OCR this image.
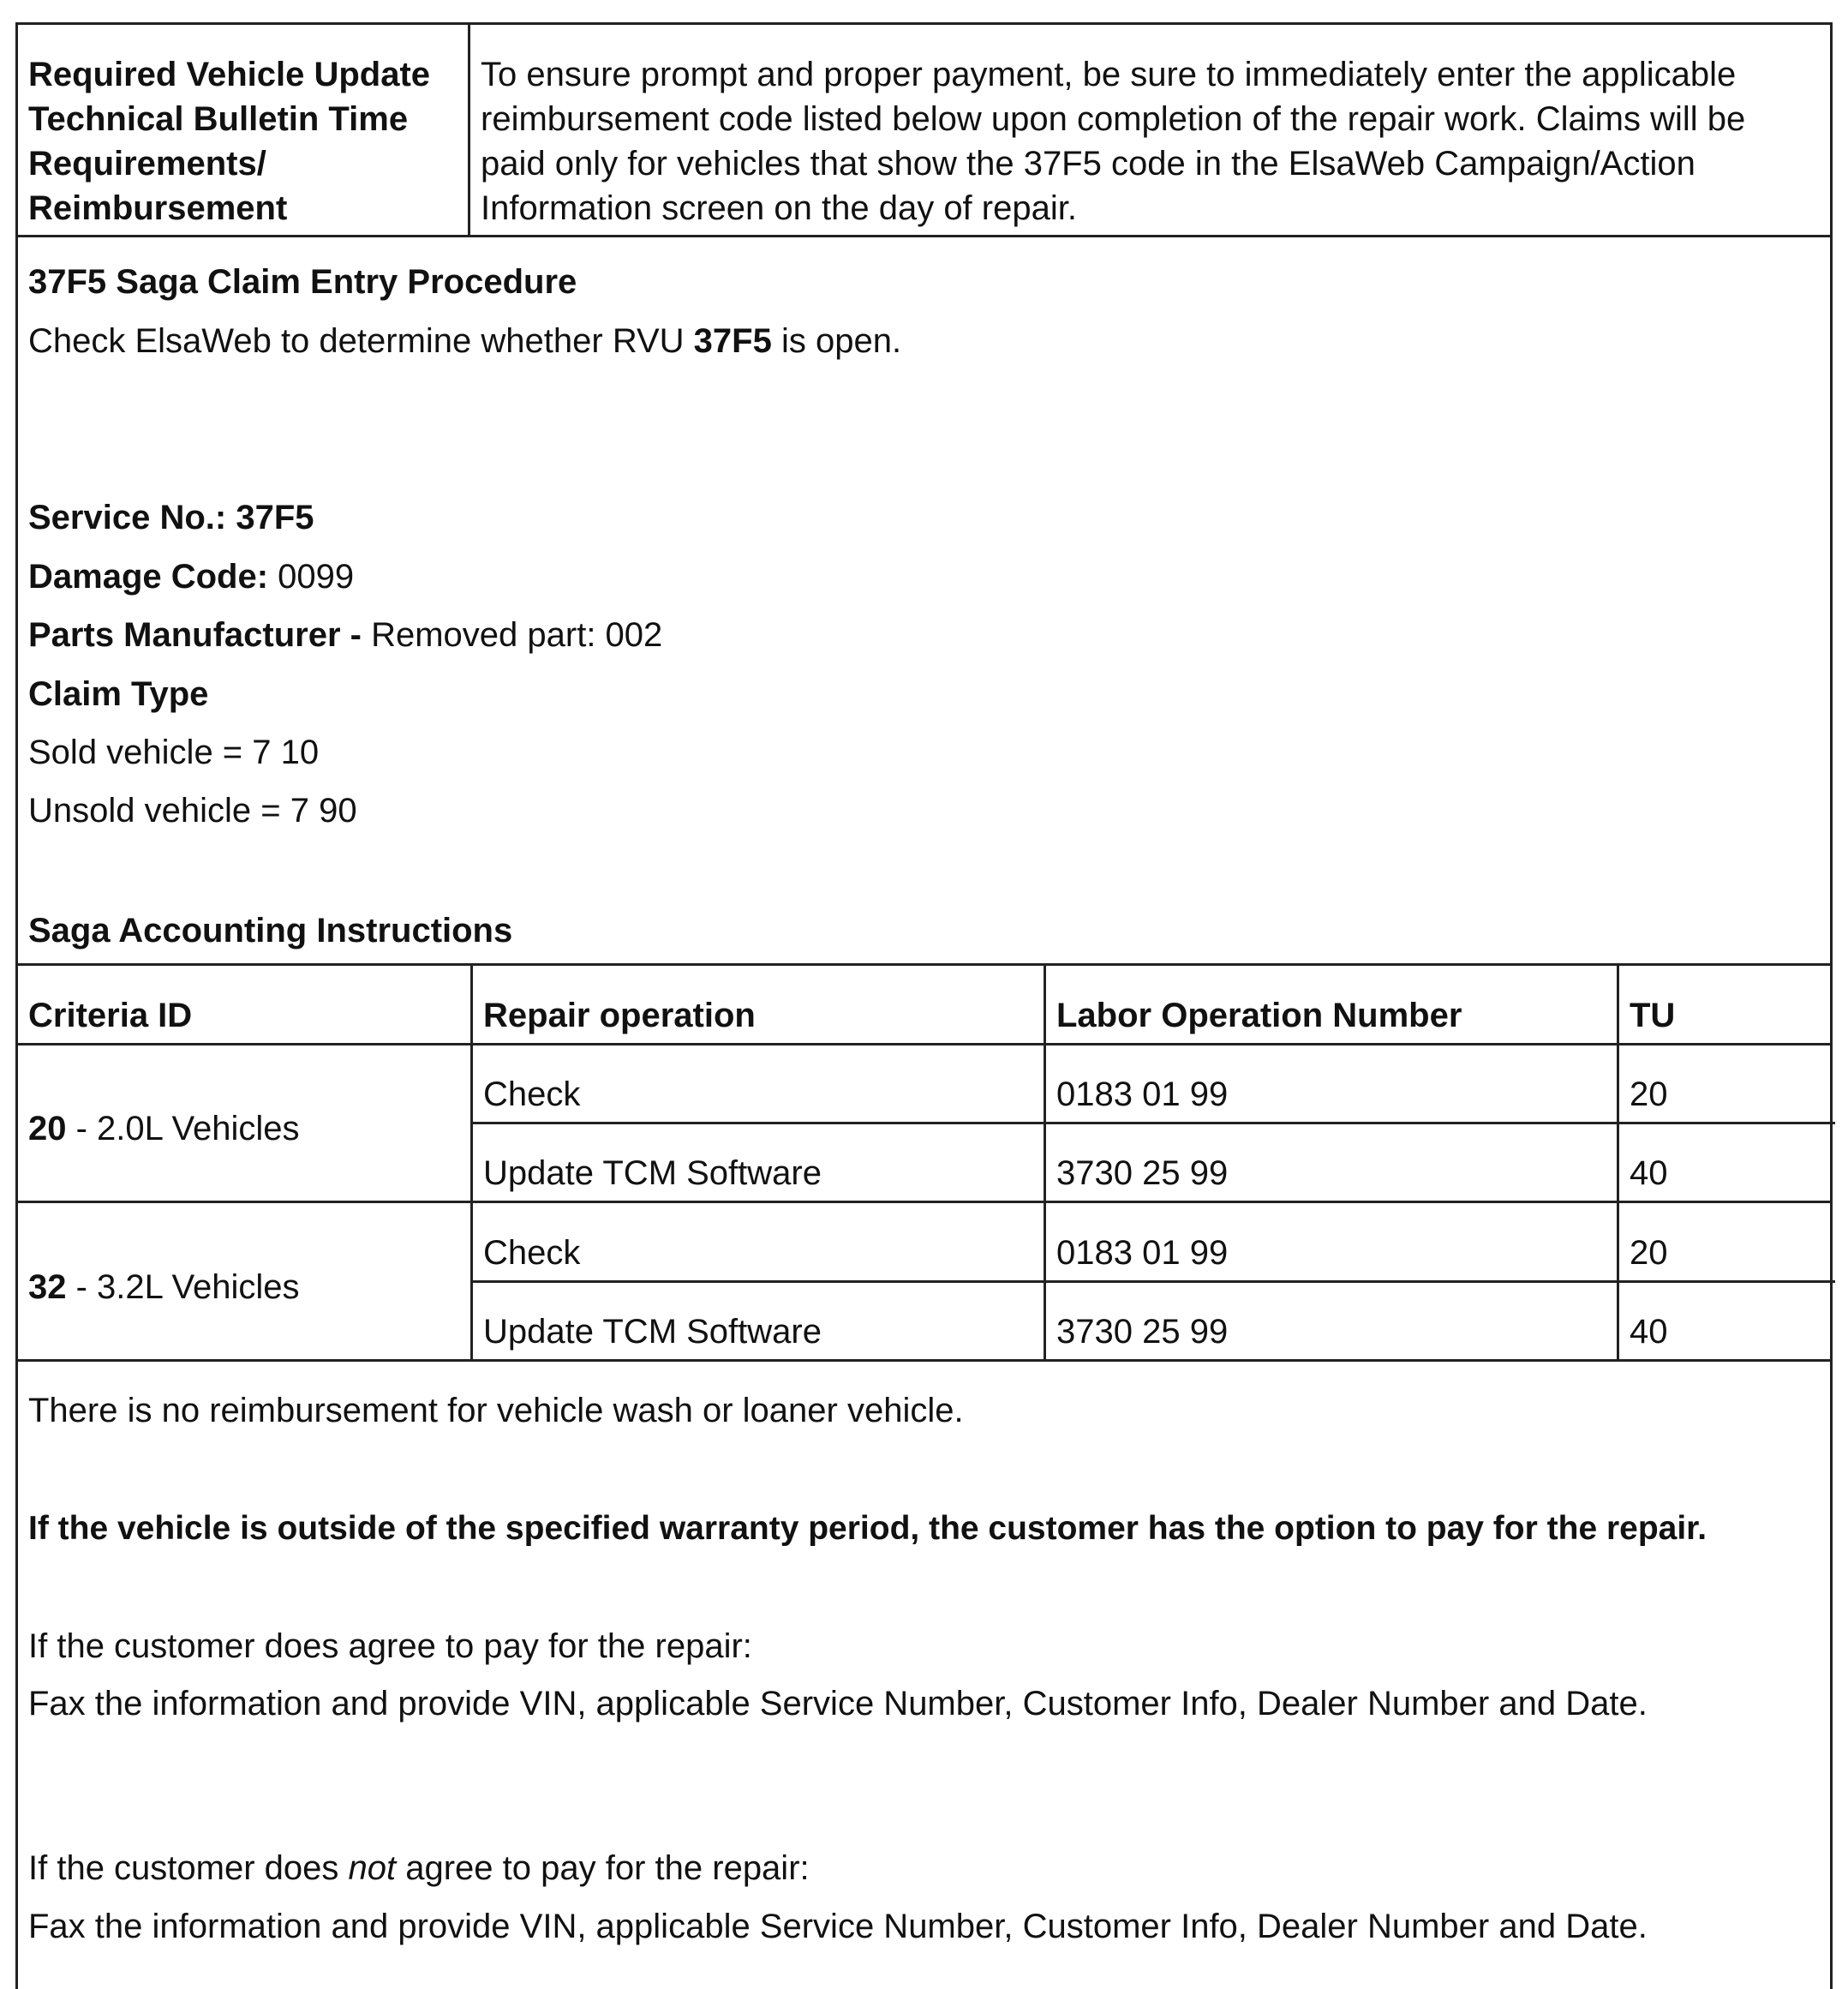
Required Vehicle Update
Technical Bulletin Time
Requirements/
Reimbursement
To ensure prompt and proper payment, be sure to immediately enter the applicable
reimbursement code listed below upon completion of the repair work. Claims will be
paid only for vehicles that show the 37F5 code in the ElsaWeb Campaign/Action
Information screen on the day of repair.
37F5 Saga Claim Entry Procedure
Check ElsaWeb to determine whether RVU 37F5 is open.
Service No.: 37F5
Damage Code: 0099
Parts Manufacturer - Removed part: 002
Claim Type
Sold vehicle = 7 10
Unsold vehicle = 7 90
Saga Accounting Instructions
Criteria ID	Repair operation	Labor Operation Number	TU
20 - 2.0L Vehicles
Check	0183 01 99	20
Update TCM Software	3730 25 99	40
32 - 3.2L Vehicles
Check	0183 01 99	20
Update TCM Software	3730 25 99	40
There is no reimbursement for vehicle wash or loaner vehicle.
If the vehicle is outside of the specified warranty period, the customer has the option to pay for the repair.
If the customer does agree to pay for the repair:
Fax the information and provide VIN, applicable Service Number, Customer Info, Dealer Number and Date.
If the customer does not agree to pay for the repair:
Fax the information and provide VIN, applicable Service Number, Customer Info, Dealer Number and Date.
